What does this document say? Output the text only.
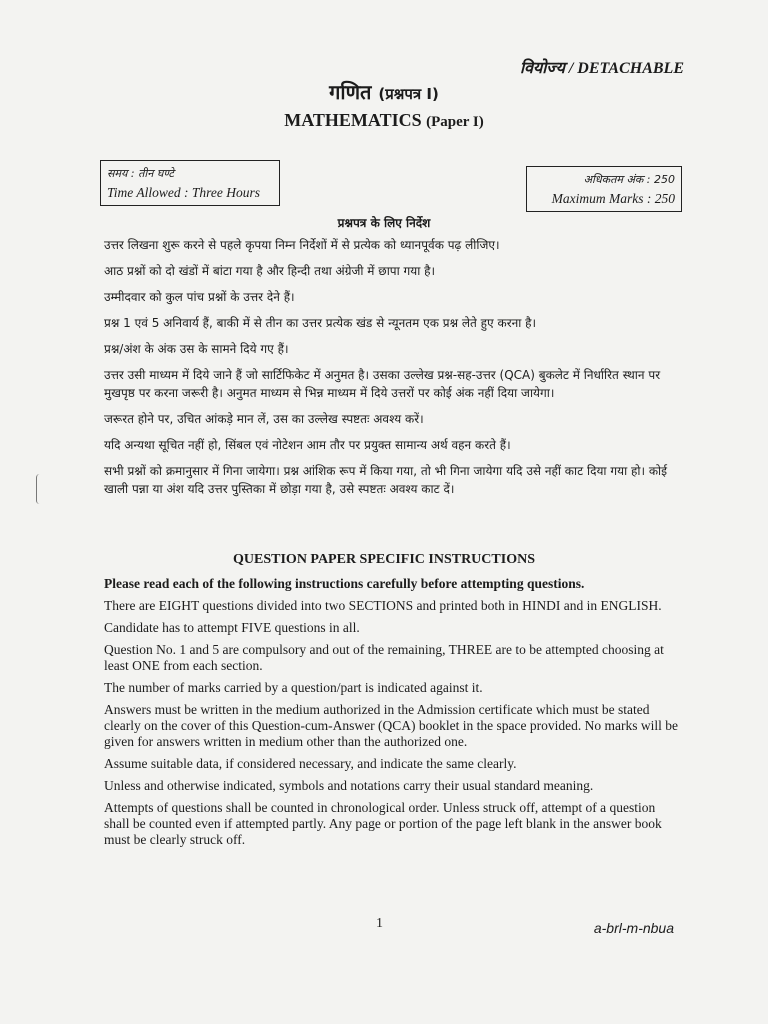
वियोज्य / DETACHABLE
गणित (प्रश्नपत्र I)
MATHEMATICS (Paper I)
समय : तीन घण्टे
Time Allowed : Three Hours
अधिकतम अंक : 250
Maximum Marks : 250
प्रश्नपत्र के लिए निर्देश

उत्तर लिखना शुरू करने से पहले कृपया निम्न निर्देशों में से प्रत्येक को ध्यानपूर्वक पढ़ लीजिए।

आठ प्रश्नों को दो खंडों में बांटा गया है और हिन्दी तथा अंग्रेजी में छापा गया है।

उम्मीदवार को कुल पांच प्रश्नों के उत्तर देने हैं।

प्रश्न 1 एवं 5 अनिवार्य हैं, बाकी में से तीन का उत्तर प्रत्येक खंड से न्यूनतम एक प्रश्न लेते हुए करना है।

प्रश्न/अंश के अंक उस के सामने दिये गए हैं।

उत्तर उसी माध्यम में दिये जाने हैं जो सार्टिफिकेट में अनुमत है। उसका उल्लेख प्रश्न-सह-उत्तर (QCA) बुकलेट में निर्धारित स्थान पर मुखपृष्ठ पर करना जरूरी है। अनुमत माध्यम से भिन्न माध्यम में दिये उत्तरों पर कोई अंक नहीं दिया जायेगा।

जरूरत होने पर, उचित आंकड़े मान लें, उस का उल्लेख स्पष्टतः अवश्य करें।

यदि अन्यथा सूचित नहीं हो, सिंबल एवं नोटेशन आम तौर पर प्रयुक्त सामान्य अर्थ वहन करते हैं।

सभी प्रश्नों को क्रमानुसार में गिना जायेगा। प्रश्न आंशिक रूप में किया गया, तो भी गिना जायेगा यदि उसे नहीं काट दिया गया हो। कोई खाली पन्ना या अंश यदि उत्तर पुस्तिका में छोड़ा गया है, उसे स्पष्टतः अवश्य काट दें।

QUESTION PAPER SPECIFIC INSTRUCTIONS

Please read each of the following instructions carefully before attempting questions.

There are EIGHT questions divided into two SECTIONS and printed both in HINDI and in ENGLISH.

Candidate has to attempt FIVE questions in all.

Question No. 1 and 5 are compulsory and out of the remaining, THREE are to be attempted choosing at least ONE from each section.

The number of marks carried by a question/part is indicated against it.

Answers must be written in the medium authorized in the Admission certificate which must be stated clearly on the cover of this Question-cum-Answer (QCA) booklet in the space provided. No marks will be given for answers written in medium other than the authorized one.

Assume suitable data, if considered necessary, and indicate the same clearly.

Unless and otherwise indicated, symbols and notations carry their usual standard meaning.

Attempts of questions shall be counted in chronological order. Unless struck off, attempt of a question shall be counted even if attempted partly. Any page or portion of the page left blank in the answer book must be clearly struck off.

1	a-brl-m-nbua
